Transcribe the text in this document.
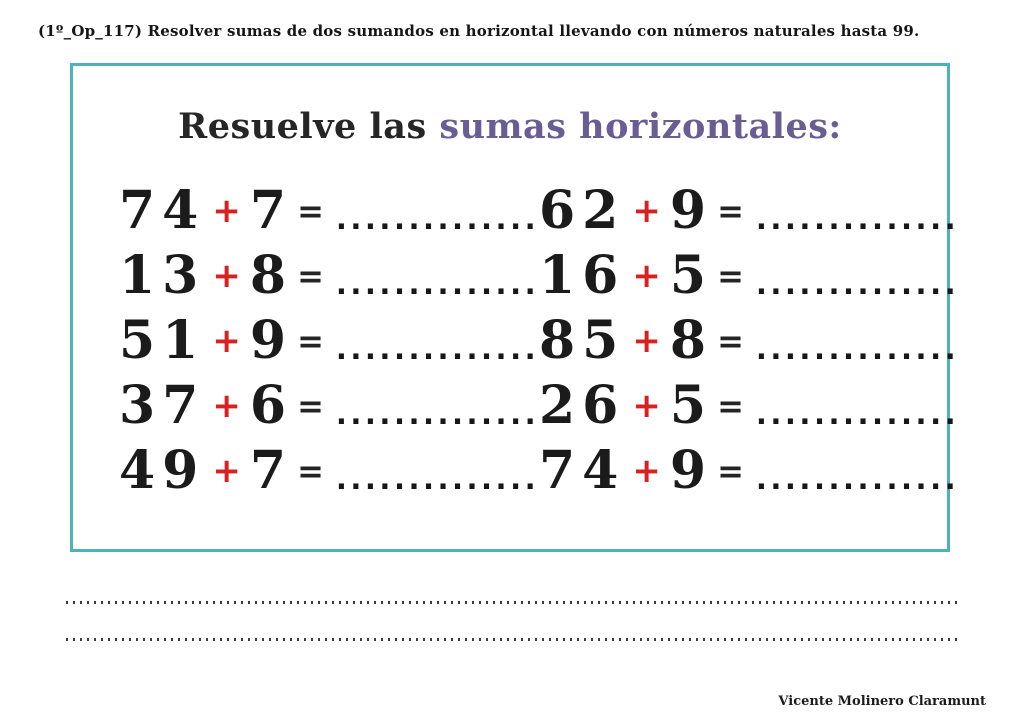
(1º_Op_117) Resolver sumas de dos sumandos en horizontal llevando con números naturales hasta 99.
Resuelve las sumas horizontales:
74 + 7 = ..............
13 + 8 = ..............
51 + 9 = ..............
37 + 6 = ..............
49 + 7 = ..............
62 + 9 = ..............
16 + 5 = ..............
85 + 8 = ..............
26 + 5 = ..............
74 + 9 = ..............
Vicente Molinero Claramunt
